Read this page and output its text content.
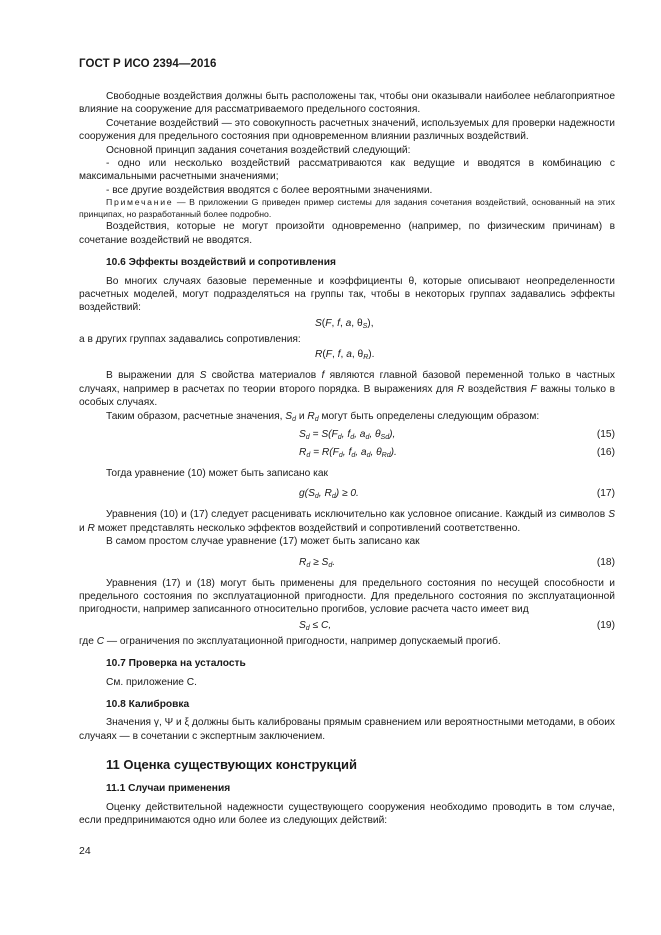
ГОСТ Р ИСО 2394—2016

Свободные воздействия должны быть расположены так, чтобы они оказывали наиболее неблагоприятное влияние на сооружение для рассматриваемого предельного состояния.

Сочетание воздействий — это совокупность расчетных значений, используемых для проверки надежности сооружения для предельного состояния при одновременном влиянии различных воздействий.

Основной принцип задания сочетания воздействий следующий:

- одно или несколько воздействий рассматриваются как ведущие и вводятся в комбинацию с максимальными расчетными значениями;

- все другие воздействия вводятся с более вероятными значениями.

Примечание — В приложении G приведен пример системы для задания сочетания воздействий, основанный на этих принципах, но разработанный более подробно.

Воздействия, которые не могут произойти одновременно (например, по физическим причинам) в сочетание воздействий не вводятся.

10.6 Эффекты воздействий и сопротивления

Во многих случаях базовые переменные и коэффициенты θ, которые описывают неопределенности расчетных моделей, могут подразделяться на группы так, чтобы в некоторых группах задавались эффекты воздействий:

S(F, f, a, $\theta_S$),

а в других группах задавались сопротивления:

R(F, f, a, $\theta_R$).

В выражении для S свойства материалов f являются главной базовой переменной только в частных случаях, например в расчетах по теории второго порядка. В выражениях для R воздействия F важны только в особых случаях.

Таким образом, расчетные значения, $S_d$ и $R_d$ могут быть определены следующим образом:

$S_d = S(F_d$, $f_d$, $a_d$, $\theta_{Sd}$),	(15)
$R_d = R(F_d$, $f_d$, $a_d$, $\theta_{Rd}$).	(16)

Тогда уравнение (10) может быть записано как

$g(S_d$, $R_d) \ge 0$.	(17)

Уравнения (10) и (17) следует расценивать исключительно как условное описание. Каждый из символов S и R может представлять несколько эффектов воздействий и сопротивлений соответственно.

В самом простом случае уравнение (17) может быть записано как

$R_d \ge S_d$.	(18)

Уравнения (17) и (18) могут быть применены для предельного состояния по несущей способности и предельного состояния по эксплуатационной пригодности. Для предельного состояния по эксплуатационной пригодности, например записанного относительно прогибов, условие расчета часто имеет вид

$S_d \le C$,	(19)

где C — ограничения по эксплуатационной пригодности, например допускаемый прогиб.

10.7 Проверка на усталость

См. приложение С.

10.8 Калибровка

Значения γ, Ψ и ξ должны быть калиброваны прямым сравнением или вероятностными методами, в обоих случаях — в сочетании с экспертным заключением.

11 Оценка существующих конструкций
11.1 Случаи применения

Оценку действительной надежности существующего сооружения необходимо проводить в том случае, если предпринимаются одно или более из следующих действий:

24
